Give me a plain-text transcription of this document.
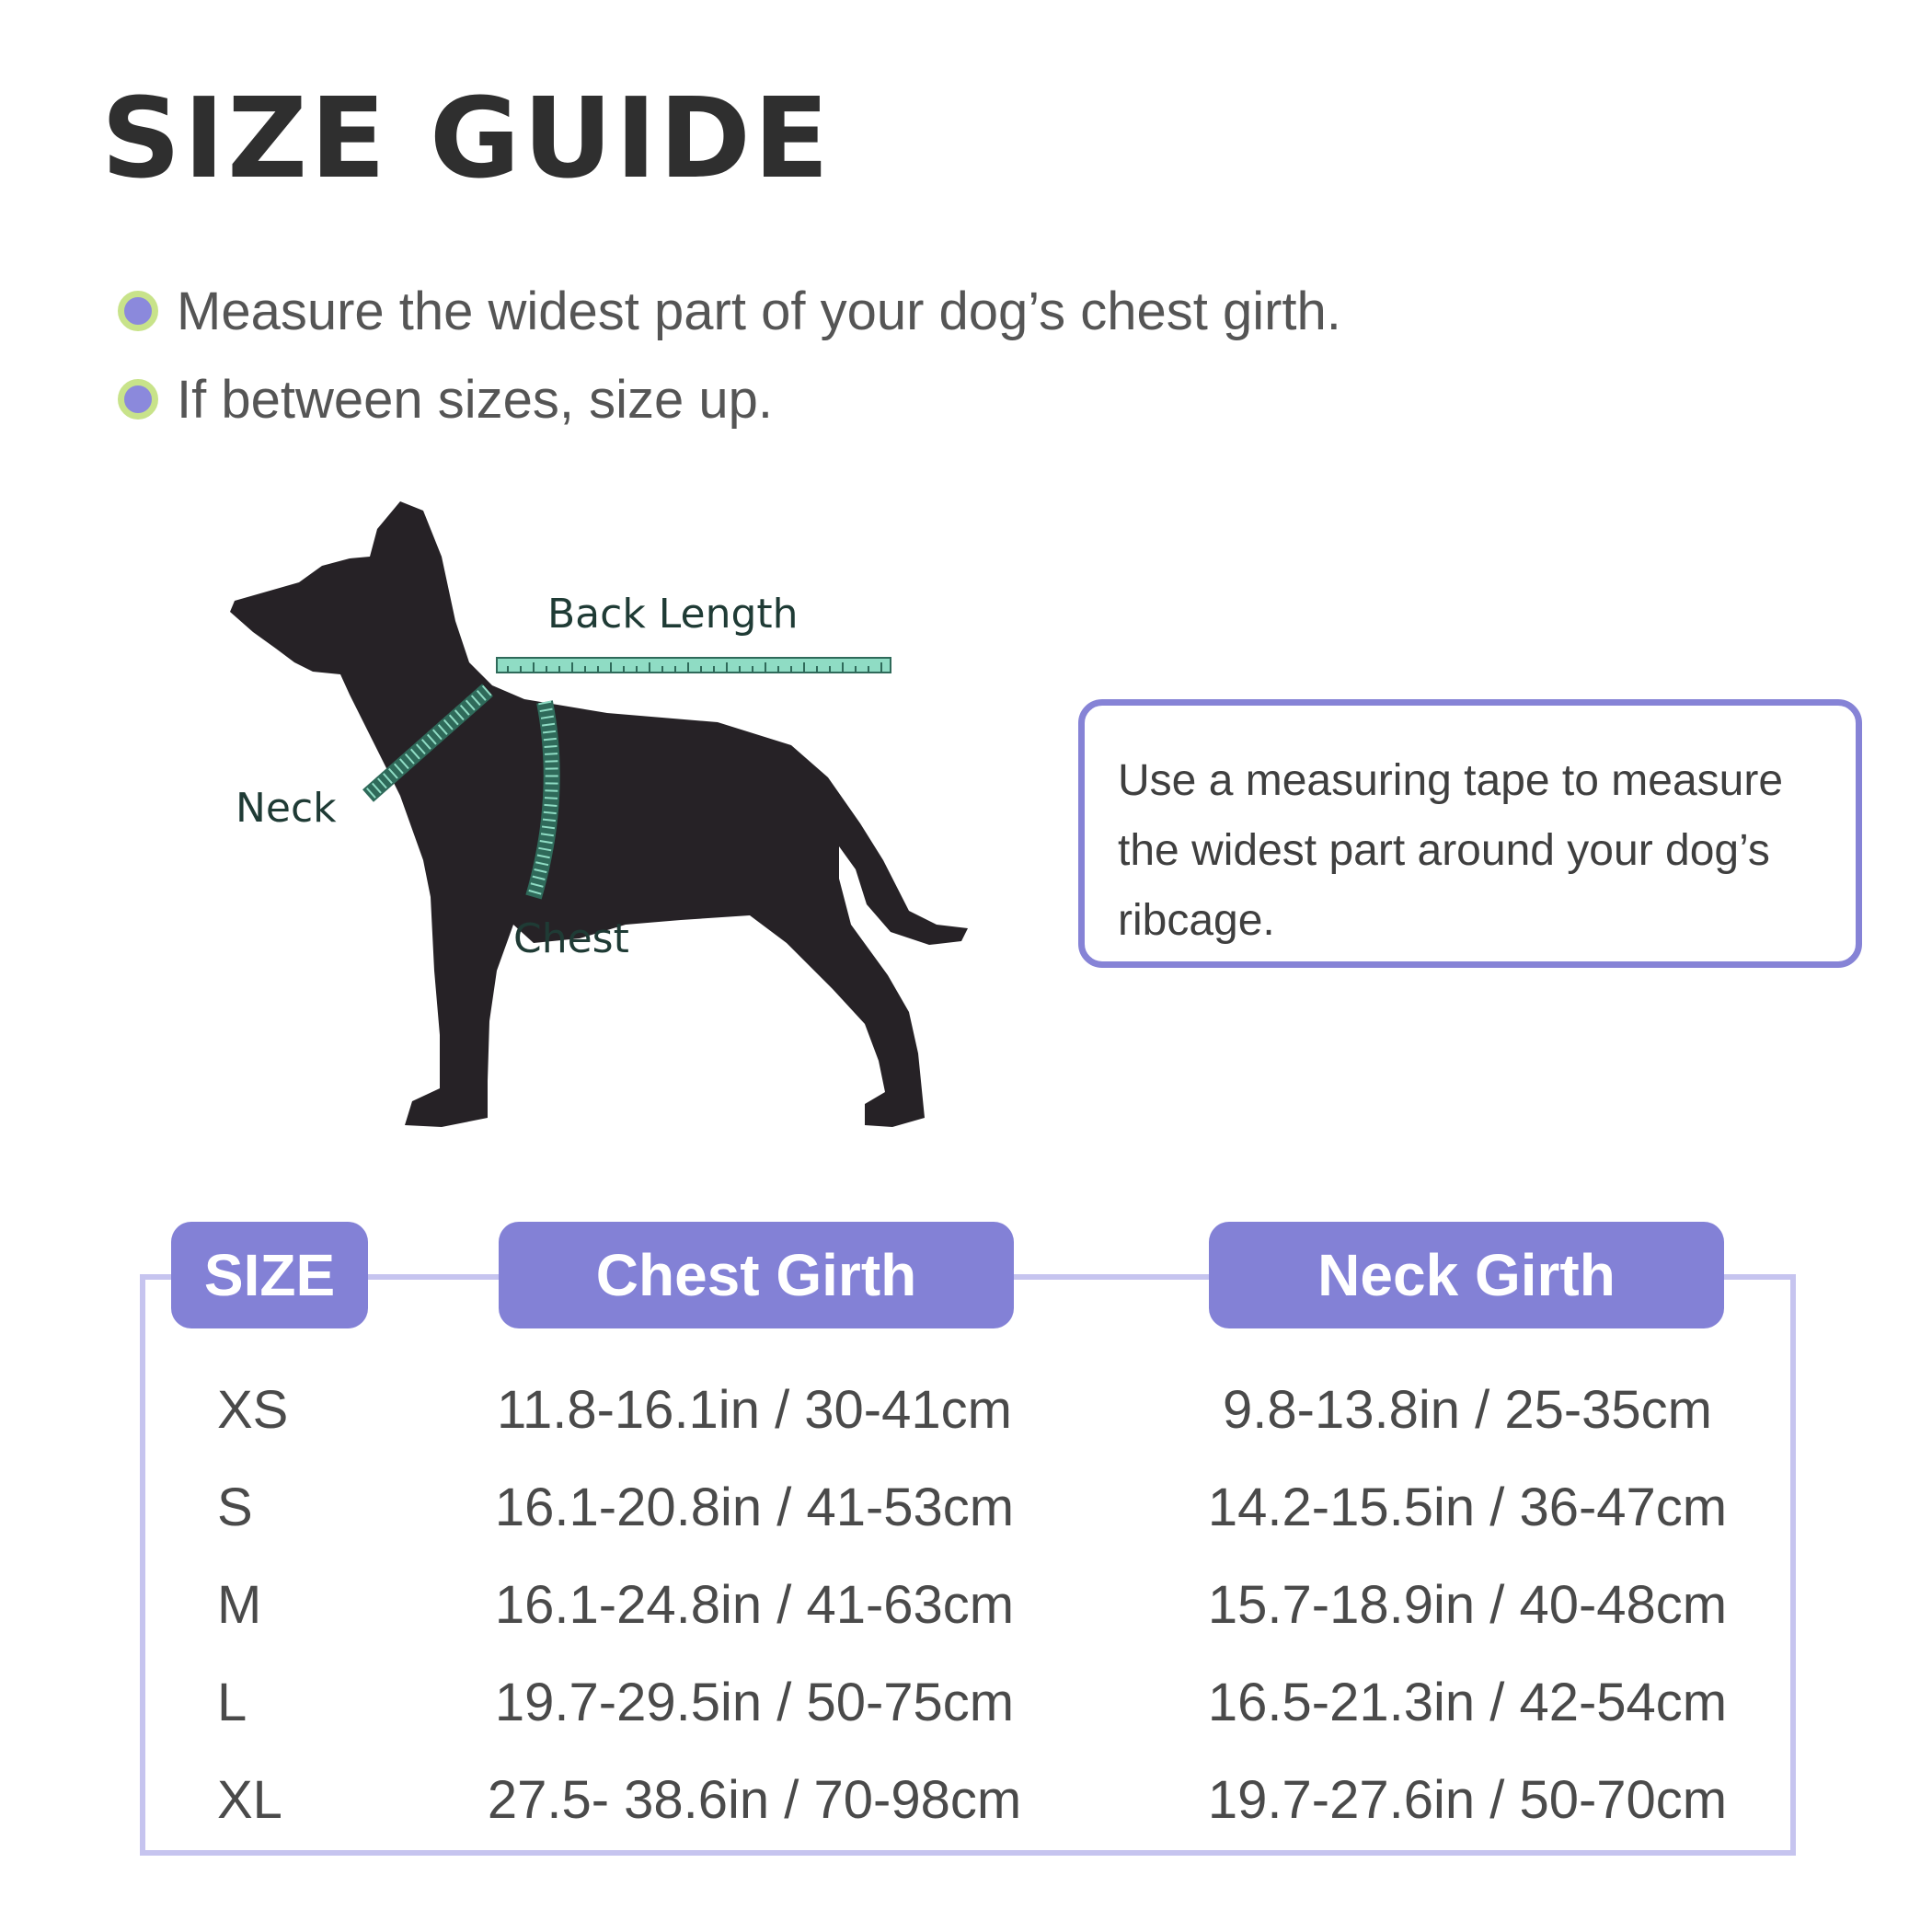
SIZE GUIDE
Measure the widest part of your dog’s chest girth.
If between sizes, size up.
Back Length
Neck
Chest
Use a measuring tape to measure the widest part around your dog’s ribcage.
SIZE	Chest Girth	Neck Girth
XS	11.8-16.1in / 30-41cm	9.8-13.8in / 25-35cm
S	16.1-20.8in / 41-53cm	14.2-15.5in / 36-47cm
M	16.1-24.8in / 41-63cm	15.7-18.9in / 40-48cm
L	19.7-29.5in / 50-75cm	16.5-21.3in / 42-54cm
XL	27.5- 38.6in / 70-98cm	19.7-27.6in / 50-70cm
